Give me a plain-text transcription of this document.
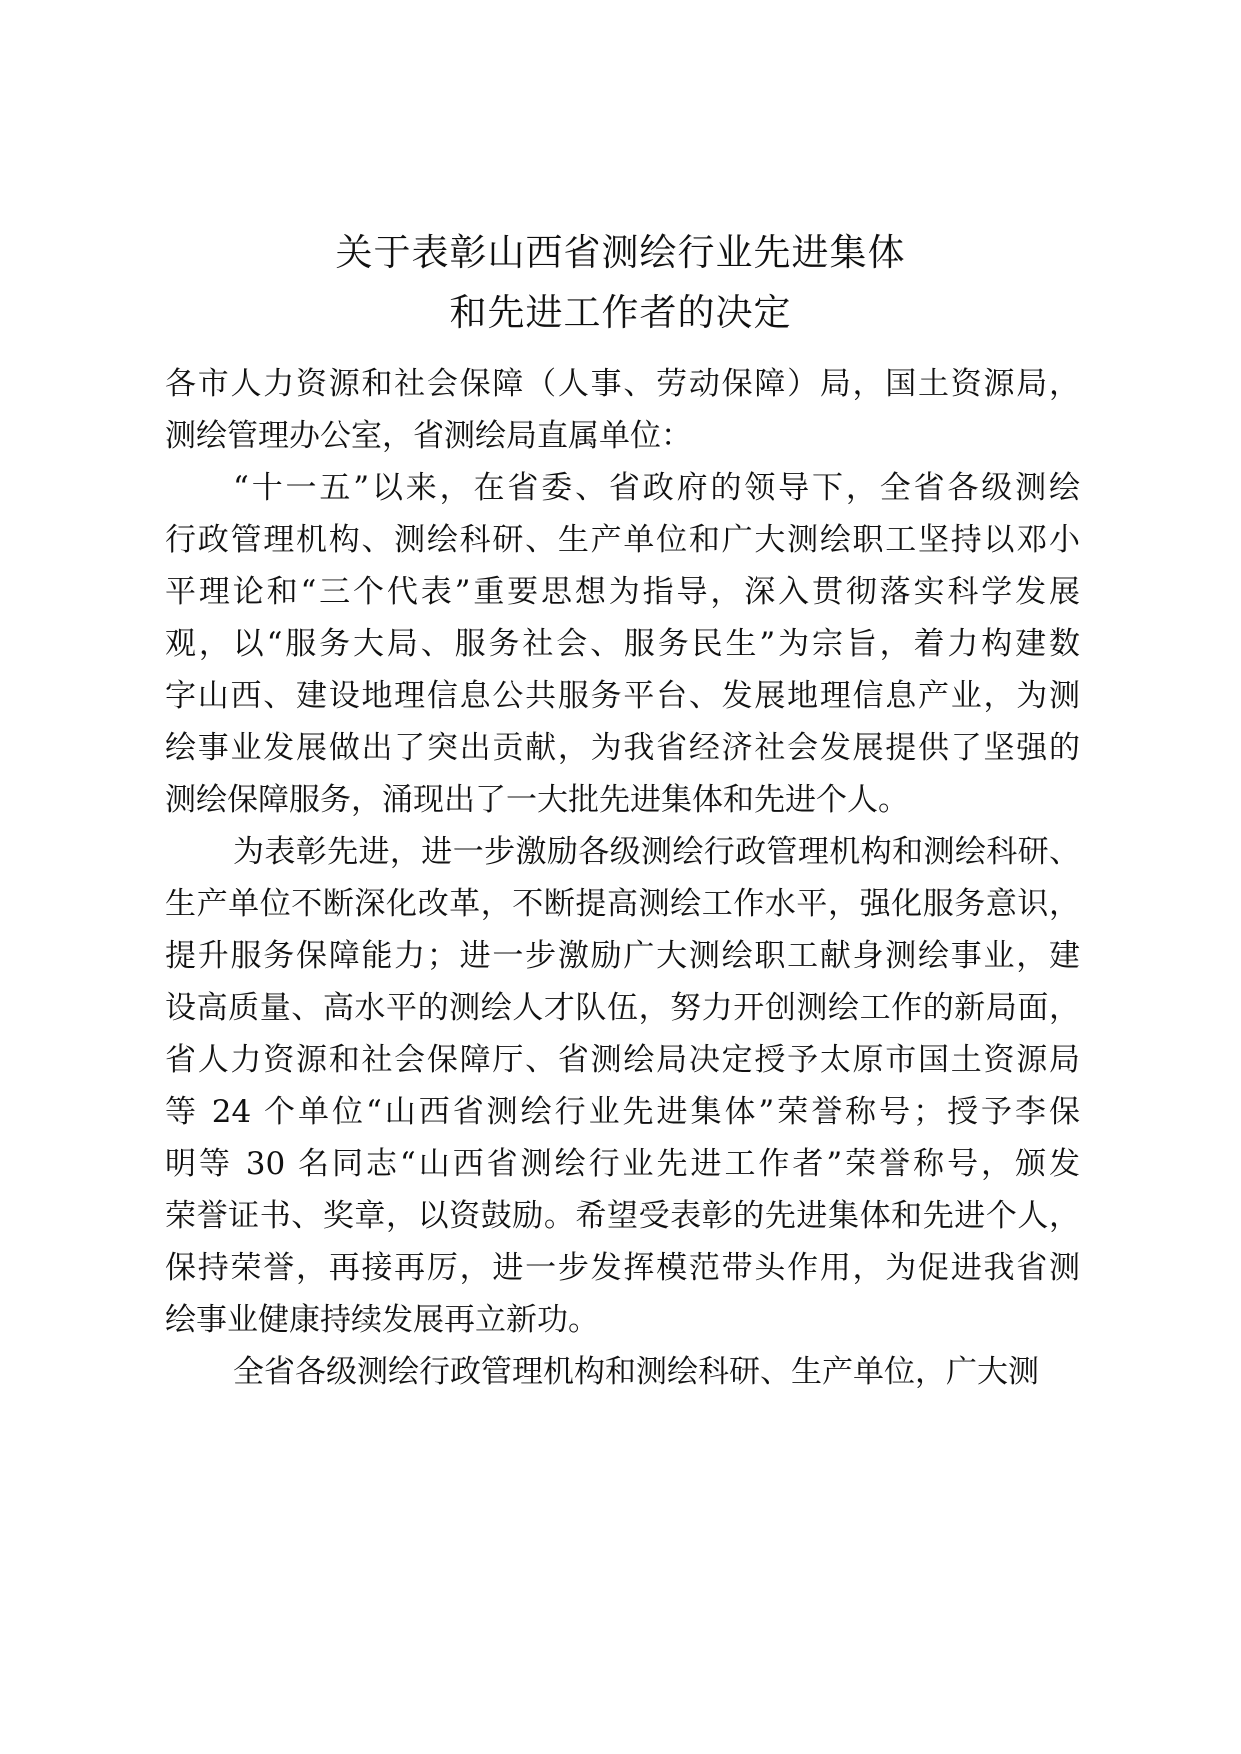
关于表彰山西省测绘行业先进集体
和先进工作者的决定
各市人力资源和社会保障（人事、劳动保障）局，国土资源局，
测绘管理办公室，省测绘局直属单位：
“十一五”以来，在省委、省政府的领导下，全省各级测绘
行政管理机构、测绘科研、生产单位和广大测绘职工坚持以邓小
平理论和“三个代表”重要思想为指导，深入贯彻落实科学发展
观，以“服务大局、服务社会、服务民生”为宗旨，着力构建数
字山西、建设地理信息公共服务平台、发展地理信息产业，为测
绘事业发展做出了突出贡献，为我省经济社会发展提供了坚强的
测绘保障服务，涌现出了一大批先进集体和先进个人。
为表彰先进，进一步激励各级测绘行政管理机构和测绘科研、
生产单位不断深化改革，不断提高测绘工作水平，强化服务意识，
提升服务保障能力；进一步激励广大测绘职工献身测绘事业，建
设高质量、高水平的测绘人才队伍，努力开创测绘工作的新局面，
省人力资源和社会保障厅、省测绘局决定授予太原市国土资源局
等 24 个单位“山西省测绘行业先进集体”荣誉称号；授予李保
明等 30 名同志“山西省测绘行业先进工作者”荣誉称号，颁发
荣誉证书、奖章，以资鼓励。希望受表彰的先进集体和先进个人，
保持荣誉，再接再厉，进一步发挥模范带头作用，为促进我省测
绘事业健康持续发展再立新功。
全省各级测绘行政管理机构和测绘科研、生产单位，广大测
